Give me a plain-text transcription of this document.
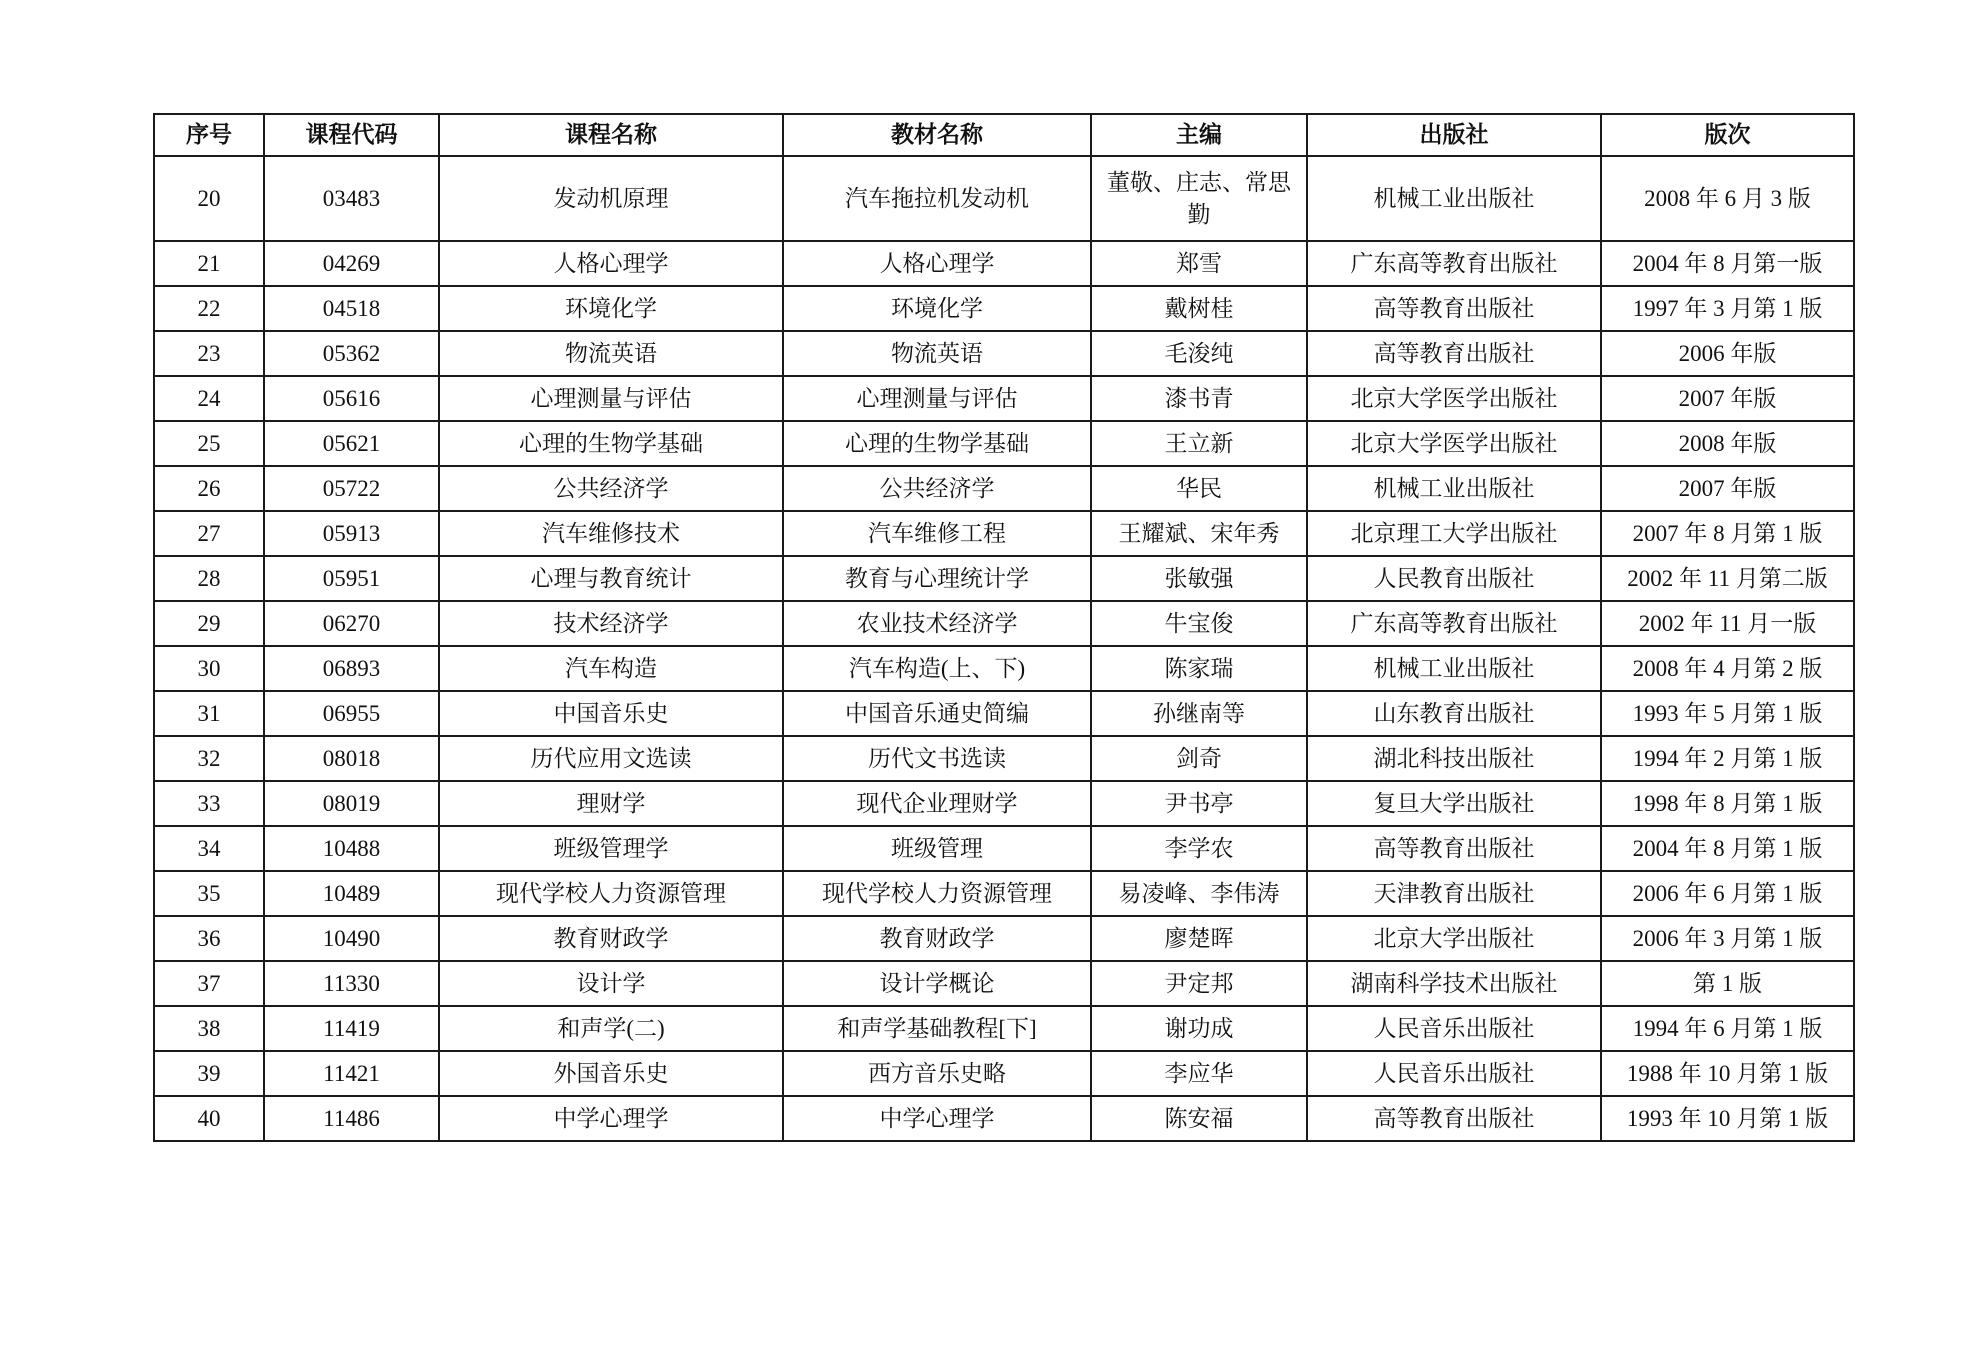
序号	课程代码	课程名称	教材名称	主编	出版社	版次
20	03483	发动机原理	汽车拖拉机发动机	董敬、庄志、常思勤	机械工业出版社	2008 年 6 月 3 版
21	04269	人格心理学	人格心理学	郑雪	广东高等教育出版社	2004 年 8 月第一版
22	04518	环境化学	环境化学	戴树桂	高等教育出版社	1997 年 3 月第 1 版
23	05362	物流英语	物流英语	毛浚纯	高等教育出版社	2006 年版
24	05616	心理测量与评估	心理测量与评估	漆书青	北京大学医学出版社	2007 年版
25	05621	心理的生物学基础	心理的生物学基础	王立新	北京大学医学出版社	2008 年版
26	05722	公共经济学	公共经济学	华民	机械工业出版社	2007 年版
27	05913	汽车维修技术	汽车维修工程	王耀斌、宋年秀	北京理工大学出版社	2007 年 8 月第 1 版
28	05951	心理与教育统计	教育与心理统计学	张敏强	人民教育出版社	2002 年 11 月第二版
29	06270	技术经济学	农业技术经济学	牛宝俊	广东高等教育出版社	2002 年 11 月一版
30	06893	汽车构造	汽车构造(上、下)	陈家瑞	机械工业出版社	2008 年 4 月第 2 版
31	06955	中国音乐史	中国音乐通史简编	孙继南等	山东教育出版社	1993 年 5 月第 1 版
32	08018	历代应用文选读	历代文书选读	剑奇	湖北科技出版社	1994 年 2 月第 1 版
33	08019	理财学	现代企业理财学	尹书亭	复旦大学出版社	1998 年 8 月第 1 版
34	10488	班级管理学	班级管理	李学农	高等教育出版社	2004 年 8 月第 1 版
35	10489	现代学校人力资源管理	现代学校人力资源管理	易凌峰、李伟涛	天津教育出版社	2006 年 6 月第 1 版
36	10490	教育财政学	教育财政学	廖楚晖	北京大学出版社	2006 年 3 月第 1 版
37	11330	设计学	设计学概论	尹定邦	湖南科学技术出版社	第 1 版
38	11419	和声学(二)	和声学基础教程[下]	谢功成	人民音乐出版社	1994 年 6 月第 1 版
39	11421	外国音乐史	西方音乐史略	李应华	人民音乐出版社	1988 年 10 月第 1 版
40	11486	中学心理学	中学心理学	陈安福	高等教育出版社	1993 年 10 月第 1 版
